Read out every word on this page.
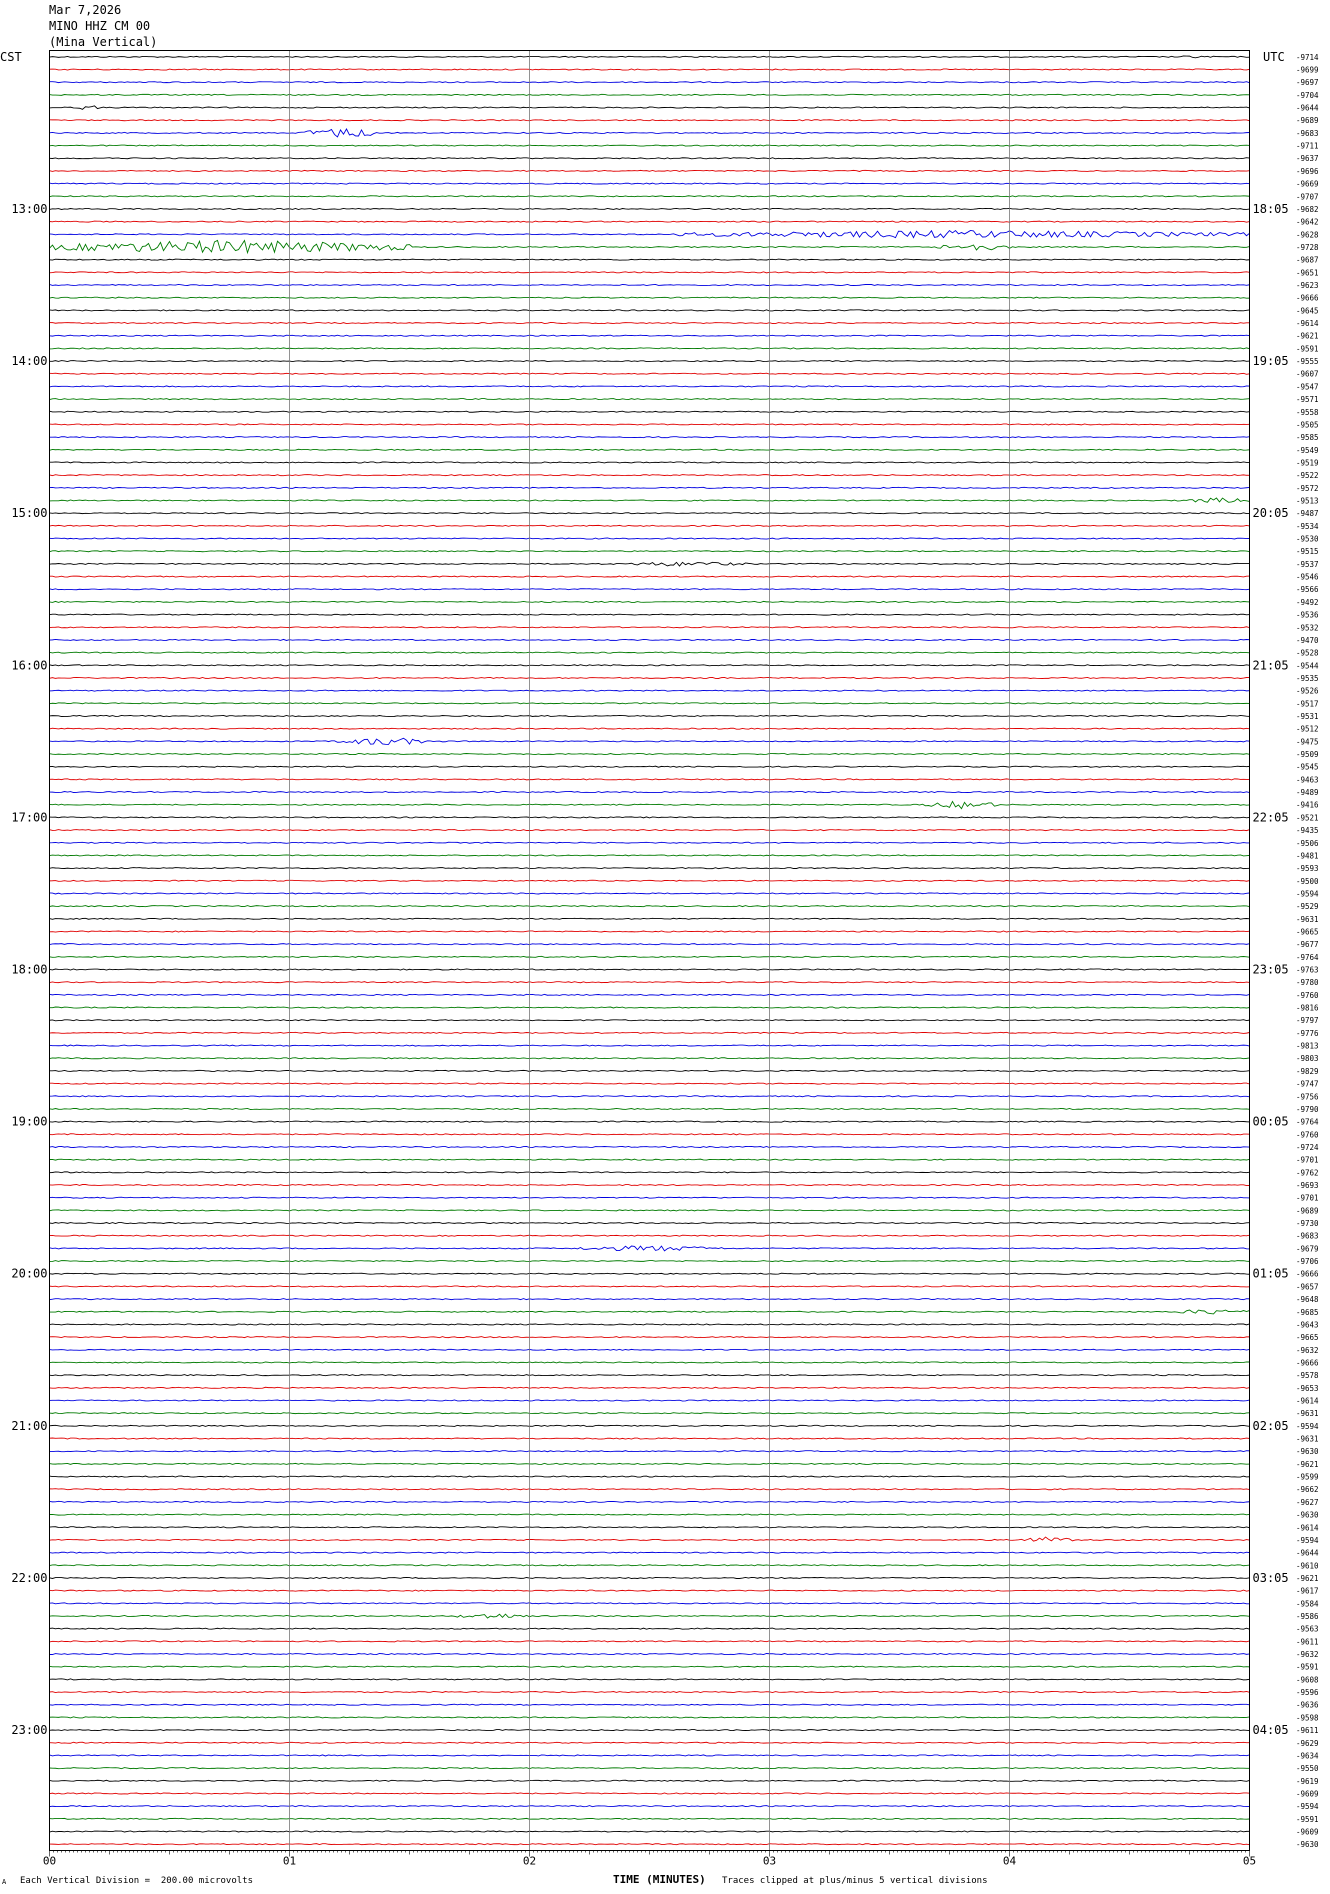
Mar 7,2026
MINO HHZ CM 00
(Mina Vertical)
CST	UTC
00	01	02	03	04	05
13:00
14:00
15:00
16:00
17:00
18:00
19:00
20:00
21:00
22:00
23:00
18:05
19:05
20:05
21:05
22:05
23:05
00:05
01:05
02:05
03:05
04:05
-9714
-9699
-9697
-9704
-9644
-9689
-9683
-9711
-9637
-9696
-9669
-9707
-9682
-9642
-9628
-9728
-9687
-9651
-9623
-9666
-9645
-9614
-9621
-9591
-9555
-9607
-9547
-9571
-9558
-9505
-9585
-9549
-9519
-9522
-9572
-9513
-9487
-9534
-9530
-9515
-9537
-9546
-9566
-9492
-9536
-9532
-9470
-9528
-9544
-9535
-9526
-9517
-9531
-9512
-9475
-9509
-9545
-9463
-9489
-9416
-9521
-9435
-9506
-9481
-9593
-9500
-9594
-9529
-9631
-9665
-9677
-9764
-9763
-9780
-9760
-9816
-9797
-9776
-9813
-9803
-9829
-9747
-9756
-9790
-9764
-9760
-9724
-9701
-9762
-9693
-9701
-9689
-9730
-9683
-9679
-9706
-9666
-9657
-9648
-9685
-9643
-9665
-9632
-9666
-9578
-9653
-9614
-9631
-9594
-9631
-9630
-9621
-9599
-9662
-9627
-9630
-9614
-9594
-9644
-9610
-9621
-9617
-9584
-9586
-9563
-9611
-9632
-9591
-9608
-9596
-9636
-9598
-9611
-9629
-9634
-9550
-9619
-9609
-9594
-9591
-9609
-9630
A Each Vertical Division =  200.00 microvolts	TIME (MINUTES) Traces clipped at plus/minus 5 vertical divisions
